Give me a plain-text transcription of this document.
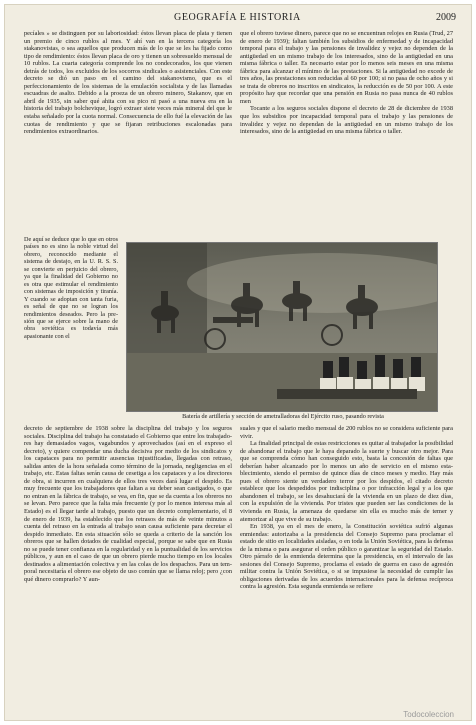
GEOGRAFÍA E HISTORIA	2009

pecíales » se distinguen por su laboriosidad: éstos llevan placa de plata y tienen un premio de cinco rublos al mes. Y ahí van en la tercera categoría los stakanovistas, o sea aquellos que producen más de lo que se les ha fijado como tipo de rendimiento: éstos llevan placa de oro y tienen un sobresueldo mensual de 10 rublos. La cuarta categoría comprende los no condecorados, los que vienen detrás de todos, los excluidos de los socorros sindicales o asistenciales. Con este decreto se dió un paso en el camino del stakanovismo, que es el perfeccionamiento de los sistemas de la emulación socialista y de las llamadas escuadras de asalto. Debido a la proeza de un obrero minero, Stakanov, que en abril de 1935, sin saber qué ahita con su pico ni pasó a una nueva era en la historia del trabajo bolchevique, logró extraer siete veces más mineral del que le estaba señalado por la cuota normal. Consecuencia de ello fué la elevación de las cuotas de rendimiento y que se fijaran retribuciones escalonadas para rendimientos extraordinarios.

que el obrero tuviese dinero, parece que no se encuentran relojes en Rusia (Trud, 27 de enero de 1939); faltan también los subsidios de enfermedad y de incapacidad temporal para el trabajo y las pensiones de invalidez y vejez no dependen de la antigüedad en un mismo trabajo de los interesados, sino de la antigüedad en una misma fábrica o taller. Es necesario estar por lo menos seis meses en una misma fábrica para alcanzar el mínimo de las prestaciones. Si la antigüedad no excede de tres años, las prestaciones son reducidas al 60 por 100; si no pasa de ocho años y si se trata de obreros no inscritos en sindicatos, la reducción es de 50 por 100. A este propósito hay que recordar que una pensión en Rusia no pasa nunca de 40 rublos men

Tocante a los seguros sociales dispone el decreto de 28 de diciembre de 1938 que los subsidios por incapacidad temporal para el trabajo y las pensiones de invalidez y vejez no dependan de la antigüedad en un mismo trabajo de los interesados, sino de la antigüedad en una misma fábrica o taller.

De aquí se deduce que lo que en otros países no es sino la noble virtud del obrero, reconocido mediante el sistema de destajo, en la U. R. S. S. se convierte en perjuicio del obrero, ya que la finalidad del Gobierno no es otra que estimular el rendimiento con sistemas de imposición y tiranía. Y cuando se adoptan con tanta furia, es señal de que no se logran los rendimientos deseados. Pero la presión que se ejerce sobre la mano de obra soviética es todavía más apasionante con el

Batería de artillería y sección de ametralladoras del Ejército ruso, pasando revista

decreto de septiembre de 1938 sobre la disciplina del trabajo y los seguros sociales. Disciplina del trabajo ha constatado el Gobierno que entre los trabajadores hay demasiados vagos, vagabundos y aprovechados (así en el expreso el decreto), y quiere compendar una ducha decisiva por medio de los sindicatos y los capataces para no permitir ausencias injustificadas, llegadas con retraso, salidas antes de la hora señalada como término de la jornada, negligencias en el trabajo, etc. Estas faltas serán causa de cesetiga a los capataces y a los directores de obra, si incurren en cualquiera de ellos tres veces dará lugar el despido. Es muy frecuente que los trabajadores que faltan a su deber sean castigados, o que no entran en la fábrica de trabajo, se vea, en fin, que se da cuenta a los obreros no se levan. Pero parece que la falta más frecuente (y por lo menos interesa más al Estado) es el llegar tarde al trabajo, puesto que un decreto complementario, el 8 de enero de 1939, ha establecido que los retrasos de más de veinte minutos a cuenta del retraso en la entrada al trabajo sean causa suficiente para decretar el despido inmediato. En esta situación sólo se queda a criterio de la sanción los obreros que se hallen dotados de cualidad especial, porque se sabe que en Rusia no se puede tener confianza en la regularidad y en la puntualidad de los servicios públicos, y aun en el caso de que un obrero pierde mucho tiempo en los locales destinados a alimentación colectiva y en las colas de los despachos. Para un temporal necesitaría el obrero ese objeto de uso común que se llama reloj; pero ¿con qué dinero comprarlo? Y aun-

suales y que el salario medio mensual de 200 rublos no se considera suficiente para vivir.

La finalidad principal de estas restricciones es quitar al trabajador la posibilidad de abandonar el trabajo que le haya deparado la suerte y buscar otro mejor. Para que se comprenda cómo han conseguido esto, basta la concesión de faltas que deberían haber alcanzado por lo menos un año de servicio en el mismo establecimiento, siendo el permiso de quince días de cinco meses y medio. Hay más pues el obrero siente un verdadero terror por los despidos, el citado decreto establece que los despedidos por indisciplina o por infracción legal y a los que abandonen el trabajo, se les desahuciará de la vivienda en un plazo de diez días, con la expulsión de la vivienda. Por tristes que pueden ser las condiciones de la vivienda en Rusia, la amenaza de quedarse sin ella es mucho más de temer y atemorizar al que vive de su trabajo.

En 1938, ya en el mes de enero, la Constitución soviética sufrió algunas enmiendas: autorizaba a la presidencia del Consejo Supremo para proclamar el estado de sitio en localidades aisladas, o en toda la Unión Soviética, para la defensa de la misma o para asegurar el orden público o garantizar la seguridad del Estado. Otro párrafo de la enmienda determina que la presidencia, en el intervalo de las sesiones del Consejo Supremo, proclama el estado de guerra en caso de agresión militar contra la Unión Soviética, o si se impusiese la necesidad de cumplir las obligaciones derivadas de los acuerdos internacionales para la defensa recíproca contra la agresión. Esta segunda enmienda se refiere

Todocoleccion
